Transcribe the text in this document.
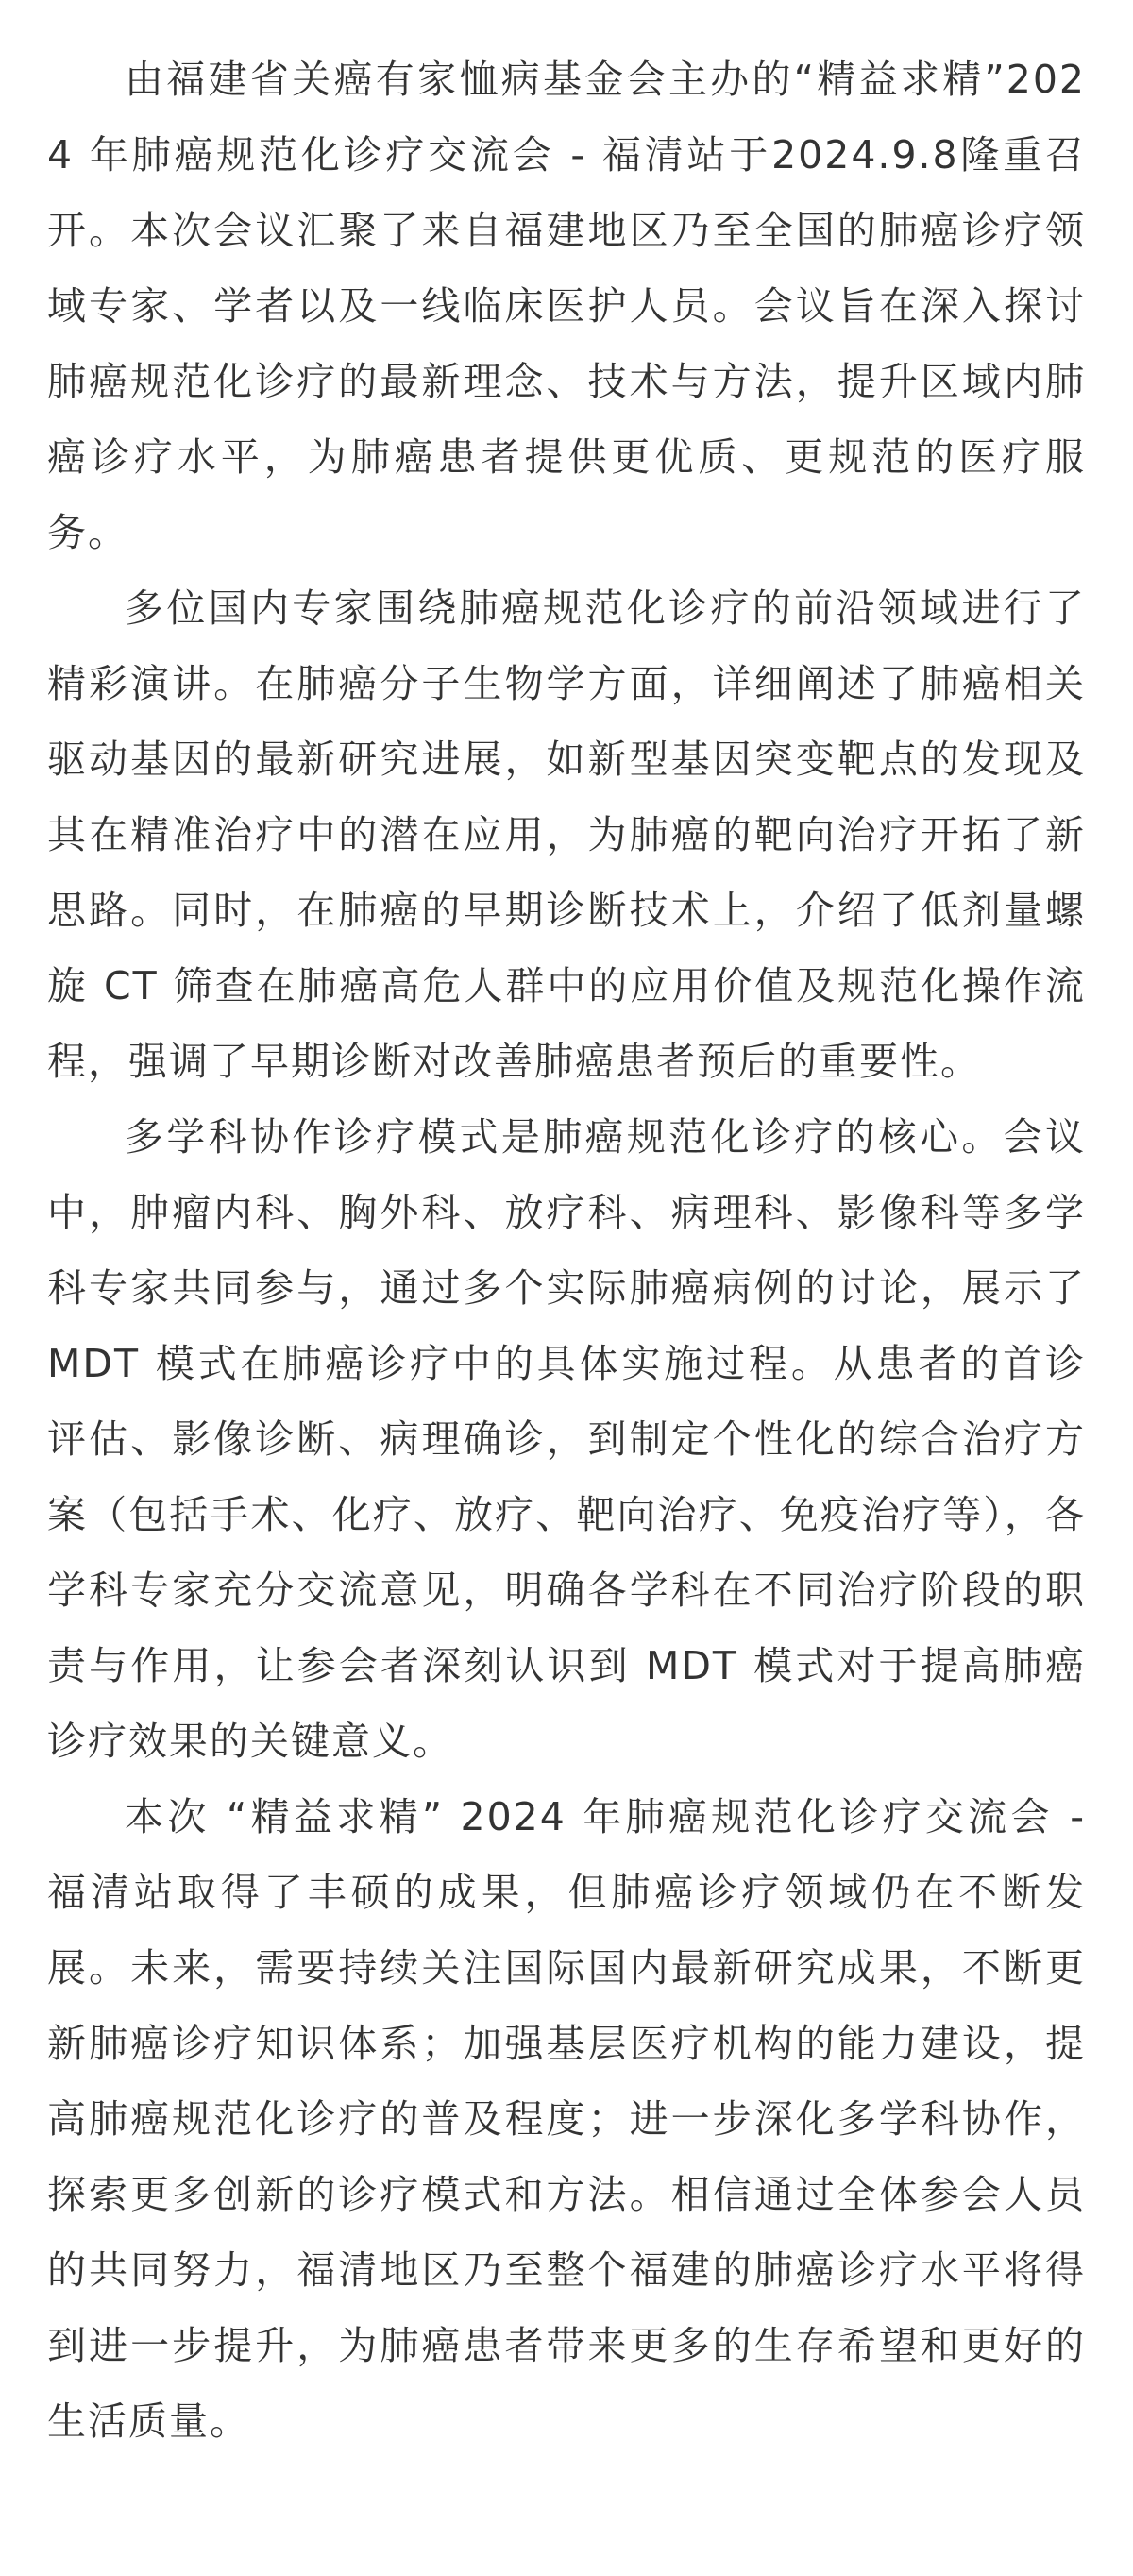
由福建省关癌有家恤病基金会主办的“精益求精”2024 年肺癌规范化诊疗交流会 - 福清站于2024.9.8隆重召开。本次会议汇聚了来自福建地区乃至全国的肺癌诊疗领域专家、学者以及一线临床医护人员。会议旨在深入探讨肺癌规范化诊疗的最新理念、技术与方法，提升区域内肺癌诊疗水平，为肺癌患者提供更优质、更规范的医疗服务。

多位国内专家围绕肺癌规范化诊疗的前沿领域进行了精彩演讲。在肺癌分子生物学方面，详细阐述了肺癌相关驱动基因的最新研究进展，如新型基因突变靶点的发现及其在精准治疗中的潜在应用，为肺癌的靶向治疗开拓了新思路。同时，在肺癌的早期诊断技术上，介绍了低剂量螺旋 CT 筛查在肺癌高危人群中的应用价值及规范化操作流程，强调了早期诊断对改善肺癌患者预后的重要性。

多学科协作诊疗模式是肺癌规范化诊疗的核心。会议中，肿瘤内科、胸外科、放疗科、病理科、影像科等多学科专家共同参与，通过多个实际肺癌病例的讨论，展示了 MDT 模式在肺癌诊疗中的具体实施过程。从患者的首诊评估、影像诊断、病理确诊，到制定个性化的综合治疗方案（包括手术、化疗、放疗、靶向治疗、免疫治疗等），各学科专家充分交流意见，明确各学科在不同治疗阶段的职责与作用，让参会者深刻认识到 MDT 模式对于提高肺癌诊疗效果的关键意义。

本次 “精益求精” 2024 年肺癌规范化诊疗交流会 - 福清站取得了丰硕的成果，但肺癌诊疗领域仍在不断发展。未来，需要持续关注国际国内最新研究成果，不断更新肺癌诊疗知识体系；加强基层医疗机构的能力建设，提高肺癌规范化诊疗的普及程度；进一步深化多学科协作，探索更多创新的诊疗模式和方法。相信通过全体参会人员的共同努力，福清地区乃至整个福建的肺癌诊疗水平将得到进一步提升，为肺癌患者带来更多的生存希望和更好的生活质量。
